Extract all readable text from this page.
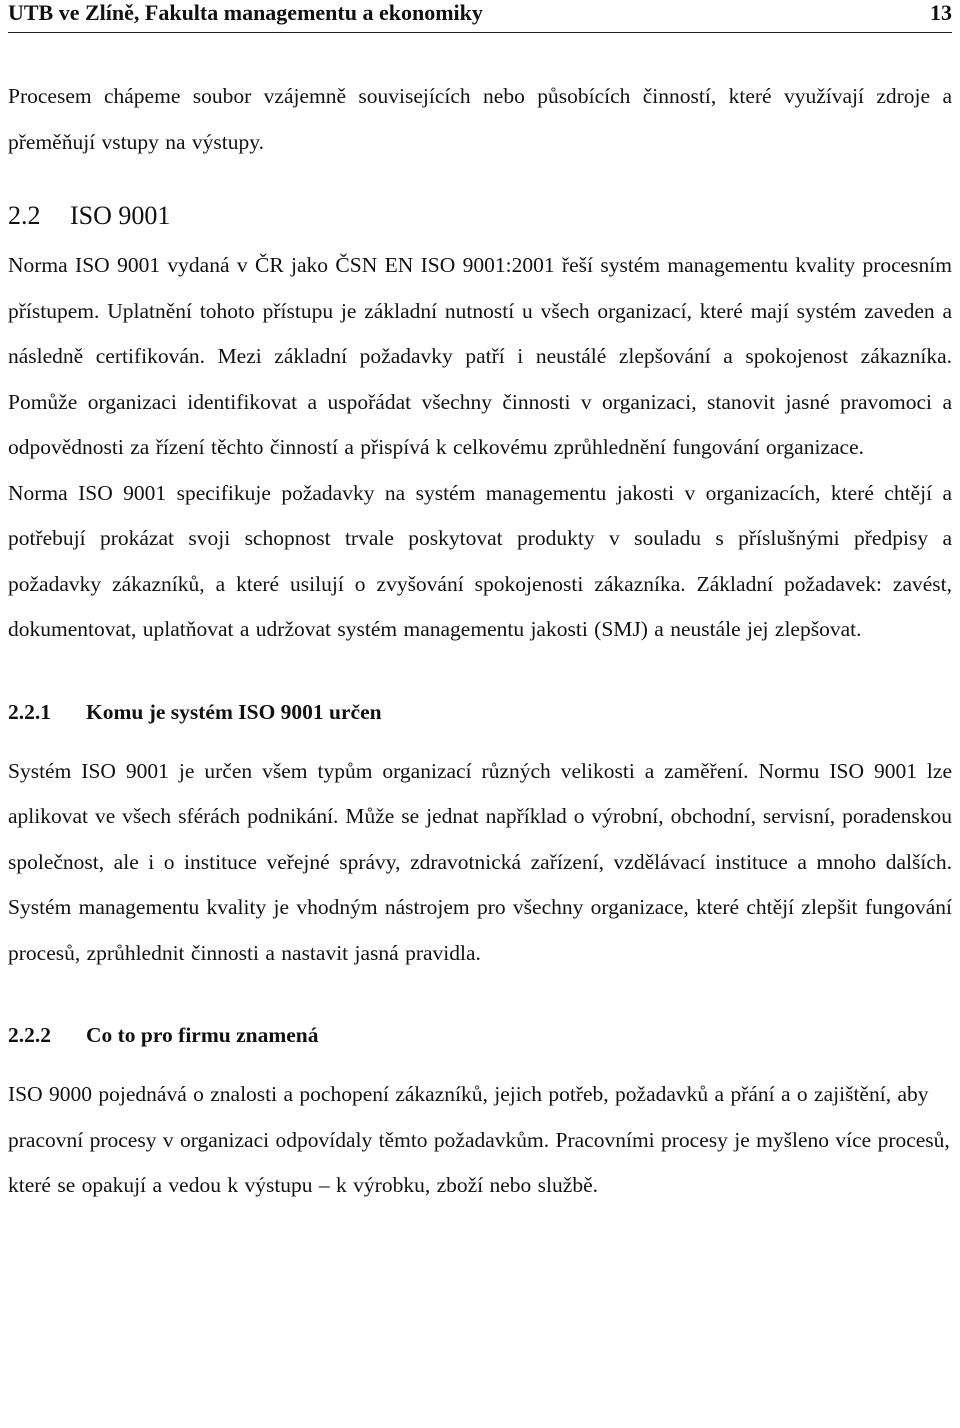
UTB ve Zlíně, Fakulta managementu a ekonomiky	13

Procesem chápeme soubor vzájemně souvisejících nebo působících činností, které využívají zdroje a přeměňují vstupy na výstupy.

2.2	ISO 9001

Norma ISO 9001 vydaná v ČR jako ČSN EN ISO 9001:2001 řeší systém managementu kvality procesním přístupem. Uplatnění tohoto přístupu je základní nutností u všech organizací, které mají systém zaveden a následně certifikován. Mezi základní požadavky patří i neustálé zlepšování a spokojenost zákazníka. Pomůže organizaci identifikovat a uspořádat všechny činnosti v organizaci, stanovit jasné pravomoci a odpovědnosti za řízení těchto činností a přispívá k celkovému zprůhlednění fungování organizace.

Norma ISO 9001 specifikuje požadavky na systém managementu jakosti v organizacích, které chtějí a potřebují prokázat svoji schopnost trvale poskytovat produkty v souladu s příslušnými předpisy a požadavky zákazníků, a které usilují o zvyšování spokojenosti zákazníka. Základní požadavek: zavést, dokumentovat, uplatňovat a udržovat systém managementu jakosti (SMJ) a neustále jej zlepšovat.

2.2.1	Komu je systém ISO 9001 určen

Systém ISO 9001 je určen všem typům organizací různých velikosti a zaměření. Normu ISO 9001 lze aplikovat ve všech sférách podnikání. Může se jednat například o výrobní, obchodní, servisní, poradenskou společnost, ale i o instituce veřejné správy, zdravotnická zařízení, vzdělávací instituce a mnoho dalších. Systém managementu kvality je vhodným nástrojem pro všechny organizace, které chtějí zlepšit fungování procesů, zprůhlednit činnosti a nastavit jasná pravidla.

2.2.2	Co to pro firmu znamená

ISO 9000 pojednává o znalosti a pochopení zákazníků, jejich potřeb, požadavků a přání a o zajištění, aby pracovní procesy v organizaci odpovídaly těmto požadavkům. Pracovními procesy je myšleno více procesů, které se opakují a vedou k výstupu – k výrobku, zboží nebo službě.
